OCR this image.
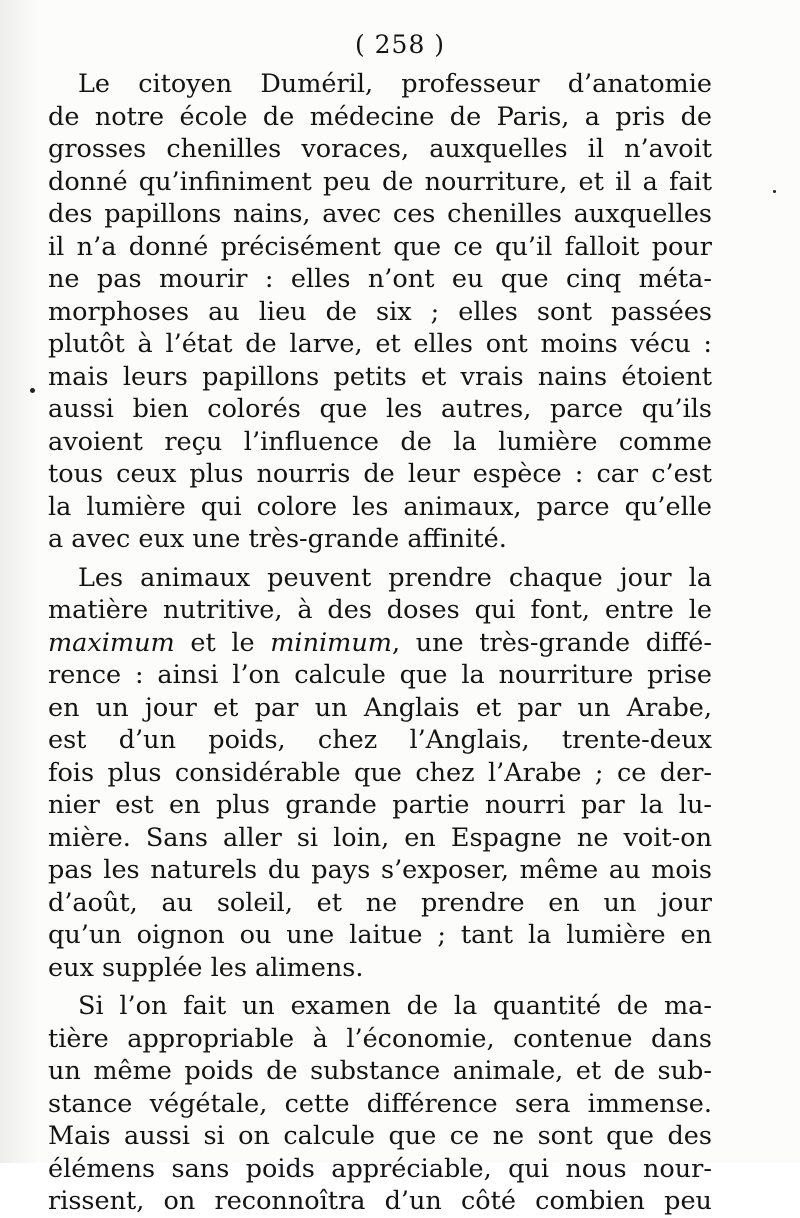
( 258 )
Le citoyen Duméril, professeur d’anatomie
de notre école de médecine de Paris, a pris de
grosses chenilles voraces, auxquelles il n’avoit
donné qu’infiniment peu de nourriture, et il a fait
des papillons nains, avec ces chenilles auxquelles
il n’a donné précisément que ce qu’il falloit pour
ne pas mourir : elles n’ont eu que cinq méta-
morphoses au lieu de six ; elles sont passées
plutôt à l’état de larve, et elles ont moins vécu :
mais leurs papillons petits et vrais nains étoient
aussi bien colorés que les autres, parce qu’ils
avoient reçu l’influence de la lumière comme
tous ceux plus nourris de leur espèce : car c’est
la lumière qui colore les animaux, parce qu’elle
a avec eux une très-grande affinité.
Les animaux peuvent prendre chaque jour la
matière nutritive, à des doses qui font, entre le
maximum et le minimum, une très-grande diffé-
rence : ainsi l’on calcule que la nourriture prise
en un jour et par un Anglais et par un Arabe,
est d’un poids, chez l’Anglais, trente-deux
fois plus considérable que chez l’Arabe ; ce der-
nier est en plus grande partie nourri par la lu-
mière. Sans aller si loin, en Espagne ne voit-on
pas les naturels du pays s’exposer, même au mois
d’août, au soleil, et ne prendre en un jour
qu’un oignon ou une laitue ; tant la lumière en
eux supplée les alimens.
Si l’on fait un examen de la quantité de ma-
tière appropriable à l’économie, contenue dans
un même poids de substance animale, et de sub-
stance végétale, cette différence sera immense.
Mais aussi si on calcule que ce ne sont que des
élémens sans poids appréciable, qui nous nour-
rissent, on reconnoîtra d’un côté combien peu
